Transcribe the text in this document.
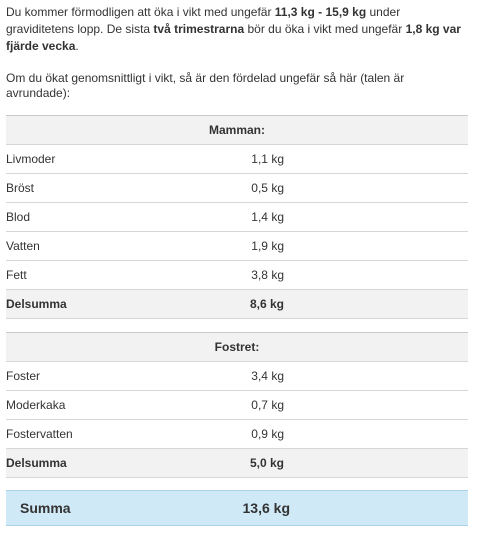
Du kommer förmodligen att öka i vikt med ungefär 11,3 kg - 15,9 kg under graviditetens lopp. De sista två trimestrarna bör du öka i vikt med ungefär 1,8 kg var fjärde vecka.

Om du ökat genomsnittligt i vikt, så är den fördelad ungefär så här (talen är avrundade):

Mamman:		
Livmoder	1,1 kg	
Bröst	0,5 kg	
Blod	1,4 kg	
Vatten	1,9 kg	
Fett	3,8 kg	
Delsumma	8,6 kg	
Fostret:		
Foster	3,4 kg	
Moderkaka	0,7 kg	
Fostervatten	0,9 kg	
Delsumma	5,0 kg	
Summa	13,6 kg
